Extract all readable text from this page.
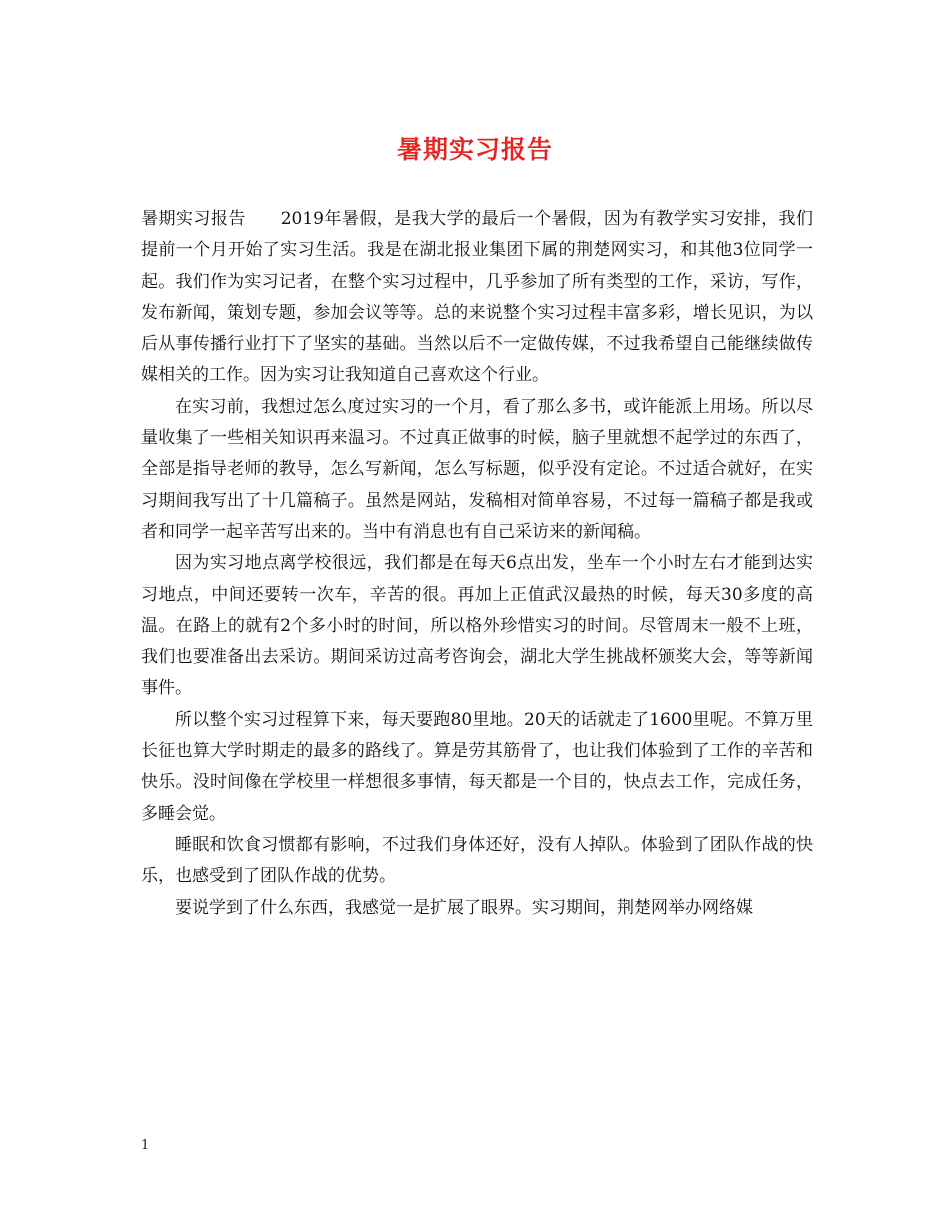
暑期实习报告

暑期实习报告　　2019年暑假，是我大学的最后一个暑假，因为有教学实习安排，我们提前一个月开始了实习生活。我是在湖北报业集团下属的荆楚网实习，和其他3位同学一起。我们作为实习记者，在整个实习过程中，几乎参加了所有类型的工作，采访，写作，发布新闻，策划专题，参加会议等等。总的来说整个实习过程丰富多彩，增长见识，为以后从事传播行业打下了坚实的基础。当然以后不一定做传媒，不过我希望自己能继续做传媒相关的工作。因为实习让我知道自己喜欢这个行业。

在实习前，我想过怎么度过实习的一个月，看了那么多书，或许能派上用场。所以尽量收集了一些相关知识再来温习。不过真正做事的时候，脑子里就想不起学过的东西了，全部是指导老师的教导，怎么写新闻，怎么写标题，似乎没有定论。不过适合就好，在实习期间我写出了十几篇稿子。虽然是网站，发稿相对简单容易，不过每一篇稿子都是我或者和同学一起辛苦写出来的。当中有消息也有自己采访来的新闻稿。

因为实习地点离学校很远，我们都是在每天6点出发，坐车一个小时左右才能到达实习地点，中间还要转一次车，辛苦的很。再加上正值武汉最热的时候，每天30多度的高温。在路上的就有2个多小时的时间，所以格外珍惜实习的时间。尽管周末一般不上班，我们也要准备出去采访。期间采访过高考咨询会，湖北大学生挑战杯颁奖大会，等等新闻事件。

所以整个实习过程算下来，每天要跑80里地。20天的话就走了1600里呢。不算万里长征也算大学时期走的最多的路线了。算是劳其筋骨了，也让我们体验到了工作的辛苦和快乐。没时间像在学校里一样想很多事情，每天都是一个目的，快点去工作，完成任务，多睡会觉。

睡眠和饮食习惯都有影响，不过我们身体还好，没有人掉队。体验到了团队作战的快乐，也感受到了团队作战的优势。

要说学到了什么东西，我感觉一是扩展了眼界。实习期间，荆楚网举办网络媒

1
